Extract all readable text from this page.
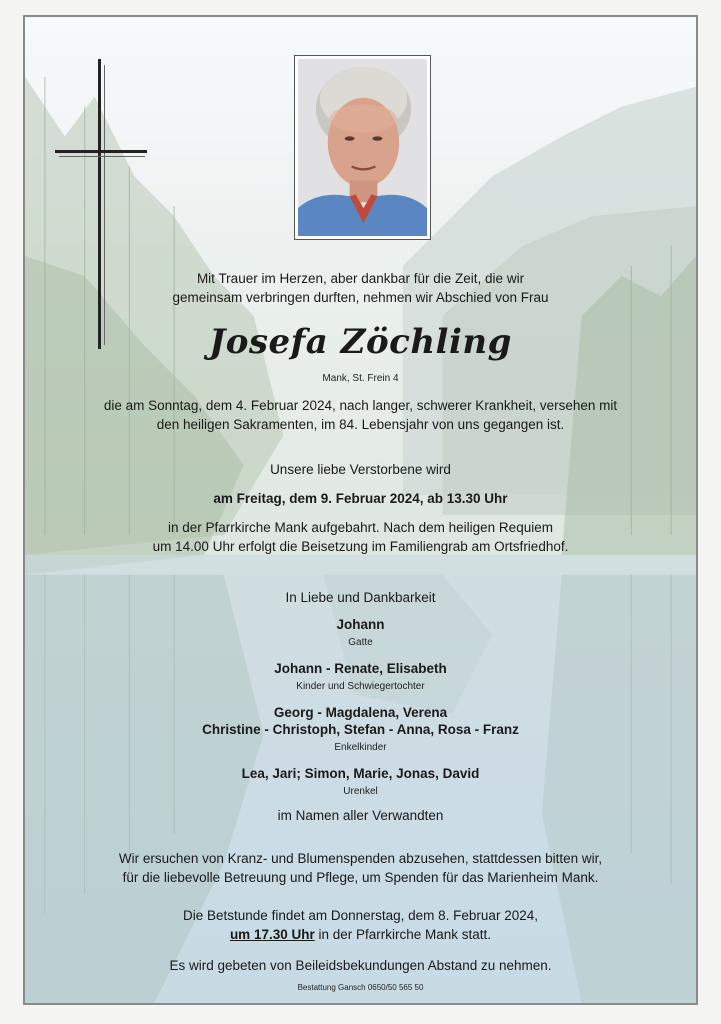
Mit Trauer im Herzen, aber dankbar für die Zeit, die wir
gemeinsam verbringen durften, nehmen wir Abschied von Frau
Josefa Zöchling
Mank, St. Frein 4
die am Sonntag, dem 4. Februar 2024, nach langer, schwerer Krankheit, versehen mit
den heiligen Sakramenten, im 84. Lebensjahr von uns gegangen ist.
Unsere liebe Verstorbene wird
am Freitag, dem 9. Februar 2024, ab 13.30 Uhr
in der Pfarrkirche Mank aufgebahrt. Nach dem heiligen Requiem
um 14.00 Uhr erfolgt die Beisetzung im Familiengrab am Ortsfriedhof.
In Liebe und Dankbarkeit
Johann
Gatte
Johann - Renate, Elisabeth
Kinder und Schwiegertochter
Georg - Magdalena, Verena
Christine - Christoph, Stefan - Anna, Rosa - Franz
Enkelkinder
Lea, Jari; Simon, Marie, Jonas, David
Urenkel
im Namen aller Verwandten
Wir ersuchen von Kranz- und Blumenspenden abzusehen, stattdessen bitten wir,
für die liebevolle Betreuung und Pflege, um Spenden für das Marienheim Mank.
Die Betstunde findet am Donnerstag, dem 8. Februar 2024,
um 17.30 Uhr in der Pfarrkirche Mank statt.
Es wird gebeten von Beileidsbekundungen Abstand zu nehmen.
Bestattung Gansch 0650/50 565 50
